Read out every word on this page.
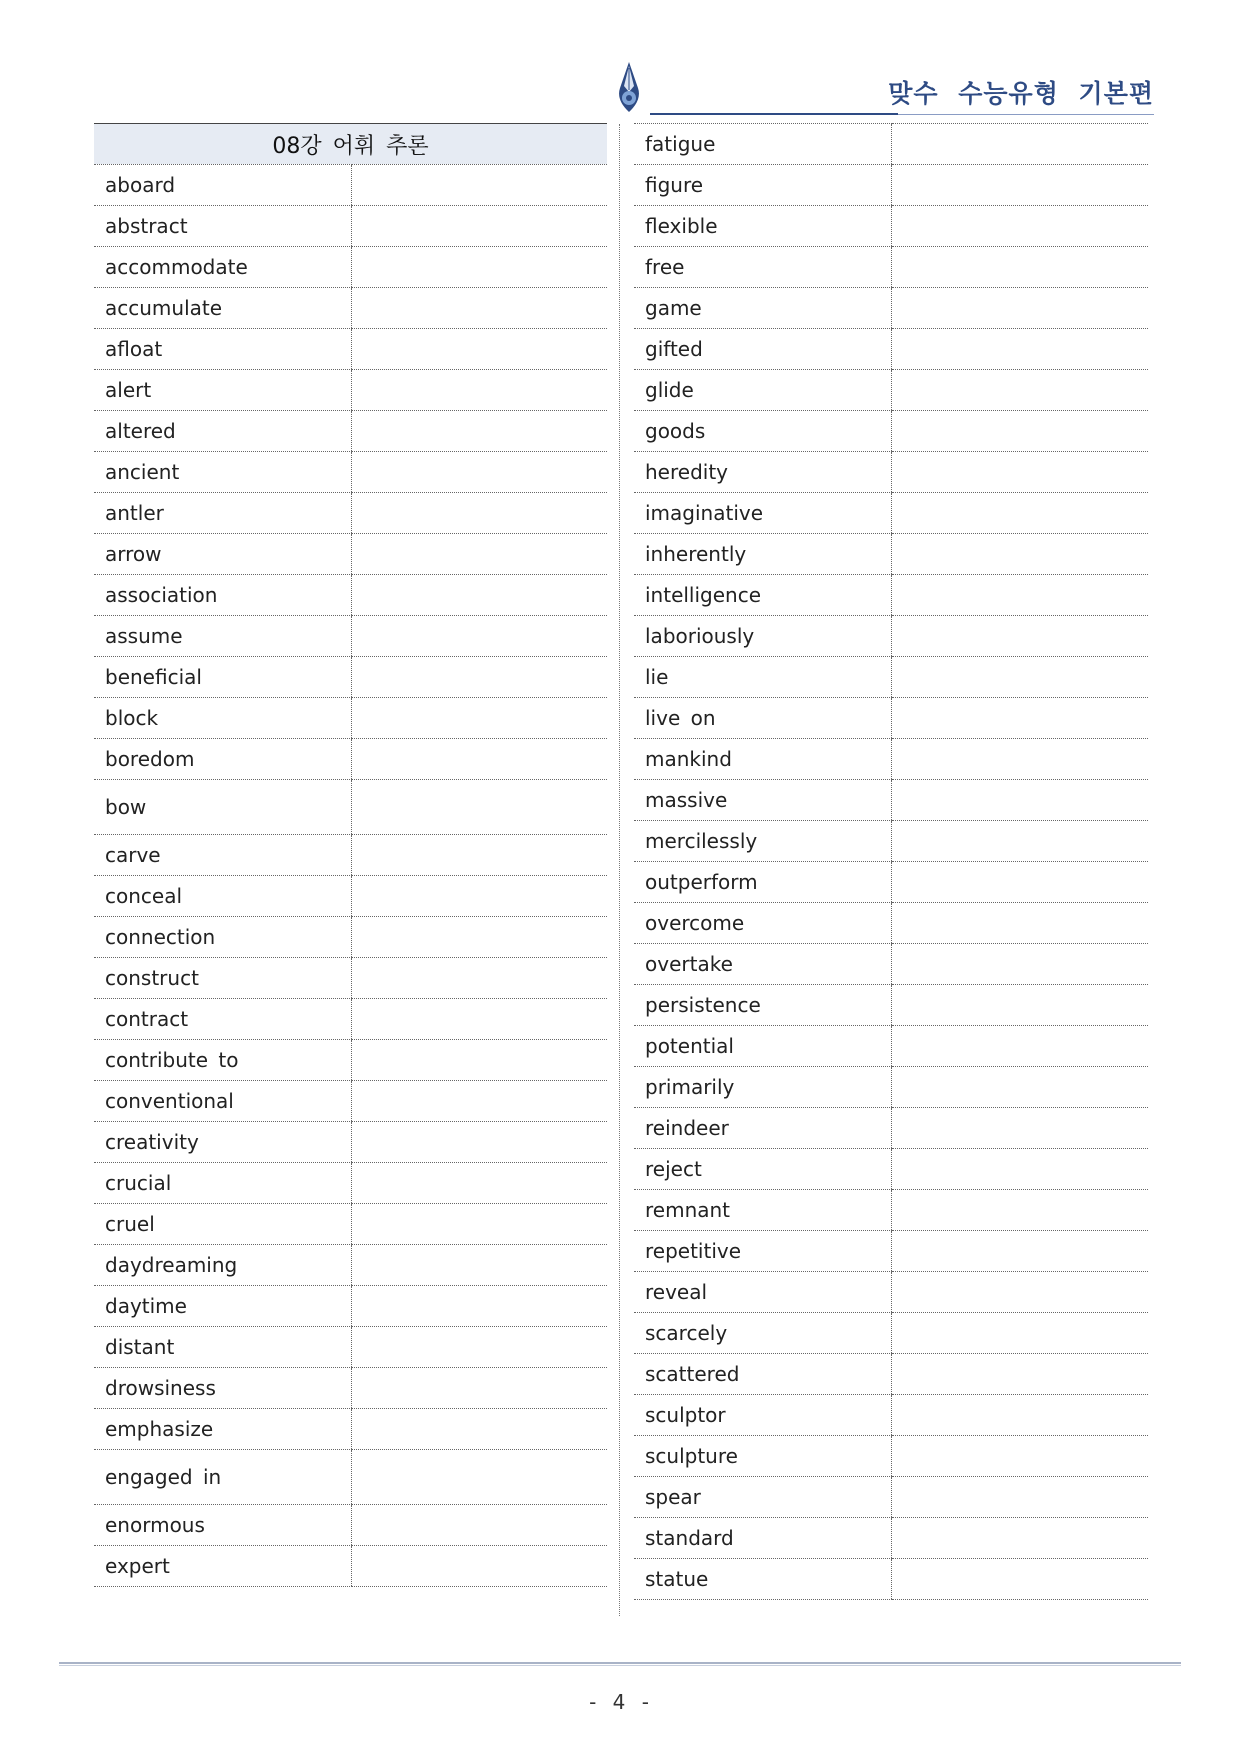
맞수 수능유형 기본편
08강 어휘 추론	
aboard	
abstract	
accommodate	
accumulate	
afloat	
alert	
altered	
ancient	
antler	
arrow	
association	
assume	
beneficial	
block	
boredom	
bow	
carve	
conceal	
connection	
construct	
contract	
contribute to	
conventional	
creativity	
crucial	
cruel	
daydreaming	
daytime	
distant	
drowsiness	
emphasize	
engaged in	
enormous	
expert	
fatigue	
figure	
flexible	
free	
game	
gifted	
glide	
goods	
heredity	
imaginative	
inherently	
intelligence	
laboriously	
lie	
live on	
mankind	
massive	
mercilessly	
outperform	
overcome	
overtake	
persistence	
potential	
primarily	
reindeer	
reject	
remnant	
repetitive	
reveal	
scarcely	
scattered	
sculptor	
sculpture	
spear	
standard	
statue	
- 4 -
